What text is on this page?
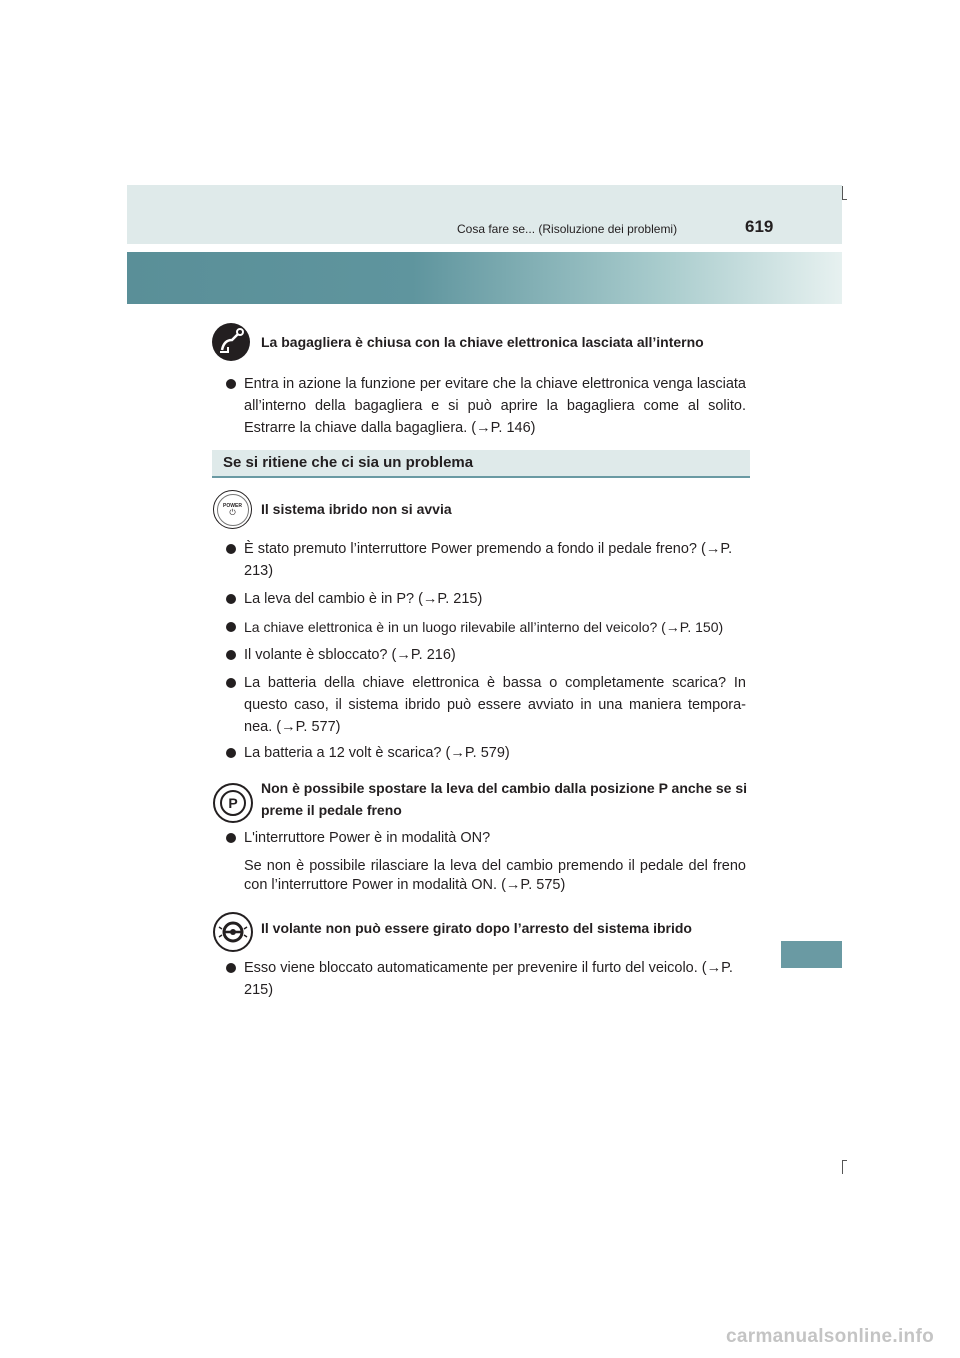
Cosa fare se... (Risoluzione dei problemi)	619
La bagagliera è chiusa con la chiave elettronica lasciata all’interno
Entra in azione la funzione per evitare che la chiave elettronica venga lasciata all’interno della bagagliera e si può aprire la bagagliera come al solito. Estrarre la chiave dalla bagagliera. (→P. 146)
Se si ritiene che ci sia un problema
POWER
⏻ Il sistema ibrido non si avvia
È stato premuto l’interruttore Power premendo a fondo il pedale freno? (→P. 213)
La leva del cambio è in P? (→P. 215)
La chiave elettronica è in un luogo rilevabile all’interno del veicolo? (→P. 150)
Il volante è sbloccato? (→P. 216)
La batteria della chiave elettronica è bassa o completamente scarica? In questo caso, il sistema ibrido può essere avviato in una maniera tempora-nea. (→P. 577)
La batteria a 12 volt è scarica? (→P. 579)
P
Non è possibile spostare la leva del cambio dalla posizione P anche se si preme il pedale freno
L'interruttore Power è in modalità ON?
Se non è possibile rilasciare la leva del cambio premendo il pedale del freno con l’interruttore Power in modalità ON. (→P. 575)
Il volante non può essere girato dopo l’arresto del sistema ibrido
Esso viene bloccato automaticamente per prevenire il furto del veicolo. (→P. 215)
carmanualsonline.info
